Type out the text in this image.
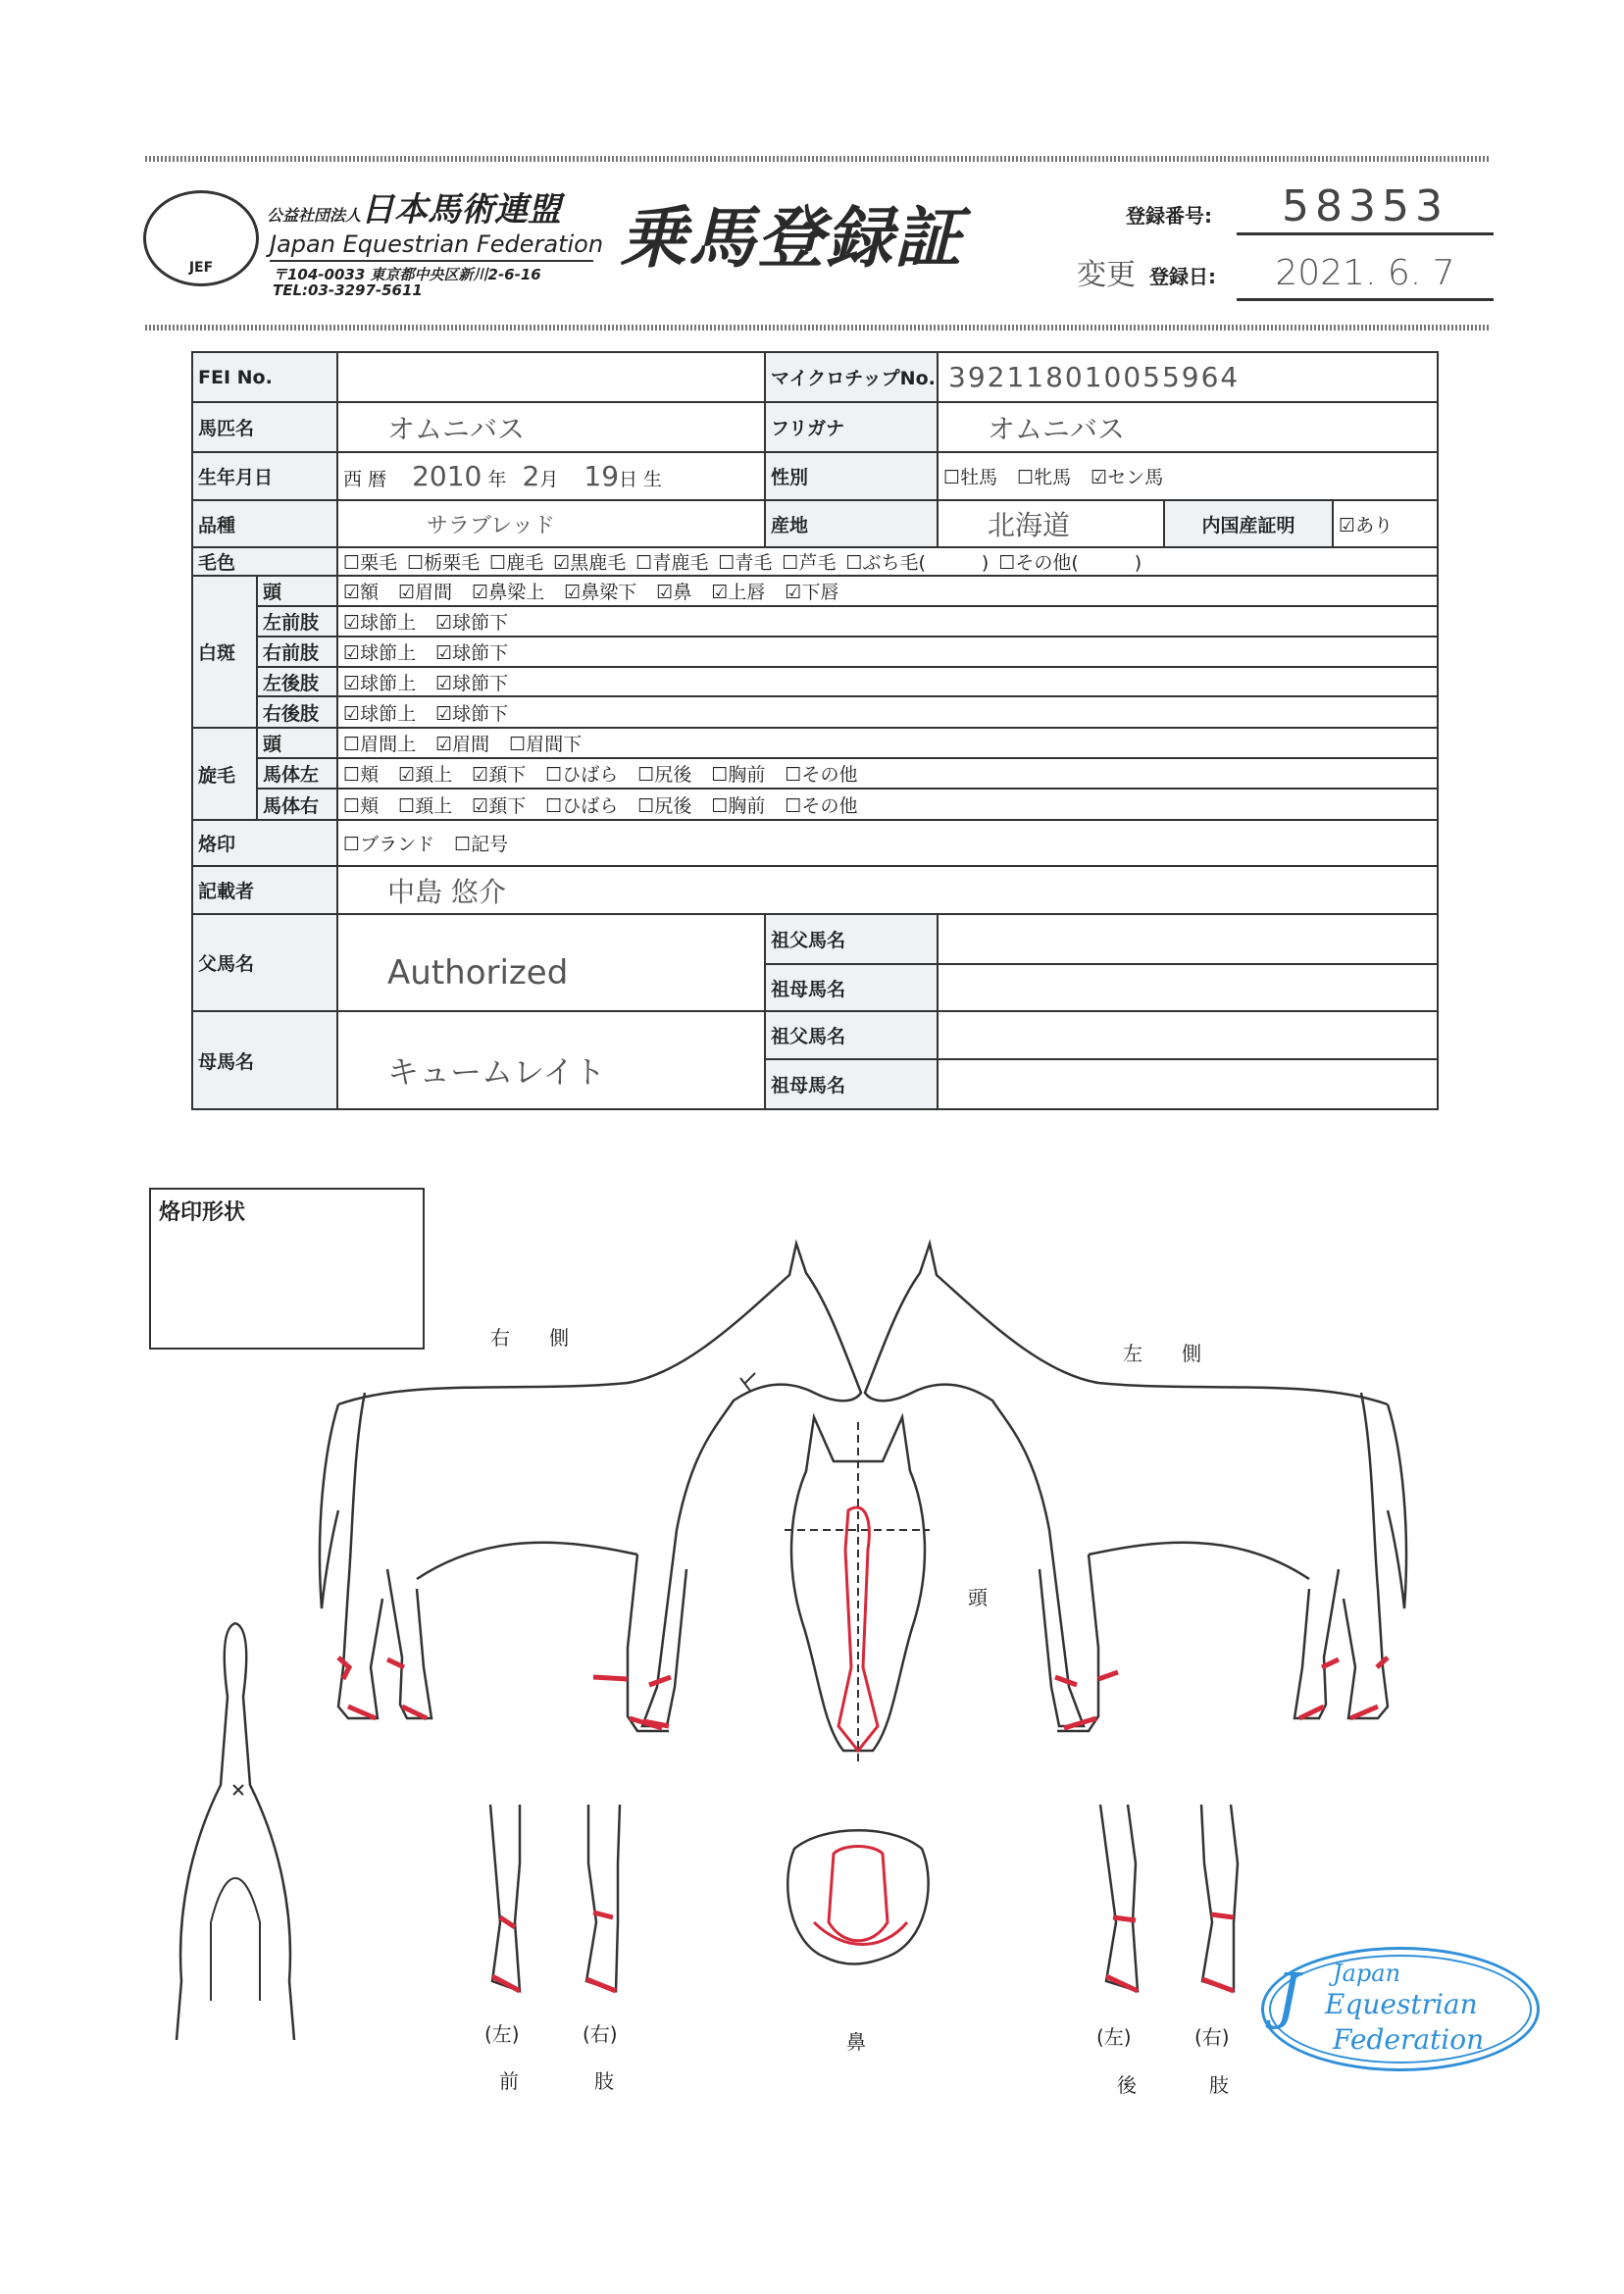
JEF
公益社団法人日本馬術連盟
Japan Equestrian Federation
〒104-0033 東京都中央区新川2-6-16
TEL:03-3297-5611
乗馬登録証	登録番号:	58353
変更 登録日:	2021. 6. 7
FEI No.			マイクロチップNo.	392118010055964		
馬匹名		オムニバス	フリガナ	オムニバス		
生年月日		西 暦 2010 年 2月 19日 生	性別	☐牡馬 ☐牝馬 ☑セン馬		
品種		サラブレッド	産地	北海道	内国産証明	☑あり
毛色		☐栗毛 ☐栃栗毛 ☐鹿毛 ☑黒鹿毛 ☐青鹿毛 ☐青毛 ☐芦毛 ☐ぶち毛(　　　) ☐その他(　　　)				
白斑	頭	☑額 ☑眉間 ☑鼻梁上 ☑鼻梁下 ☑鼻 ☑上唇 ☑下唇				
	左前肢	☑球節上 ☑球節下				
	右前肢	☑球節上 ☑球節下				
	左後肢	☑球節上 ☑球節下				
	右後肢	☑球節上 ☑球節下				
旋毛	頭	☐眉間上 ☑眉間 ☐眉間下				
	馬体左	☐頬 ☑頚上 ☑頚下 ☐ひばら ☐尻後 ☐胸前 ☐その他				
	馬体右	☐頬 ☐頚上 ☑頚下 ☐ひばら ☐尻後 ☐胸前 ☐その他				
烙印		☐ブランド ☐記号				
記載者		中島 悠介				
父馬名		Authorized	祖父馬名			
			祖母馬名			
母馬名		キュームレイト	祖父馬名			
			祖母馬名			
烙印形状
右　　側
左　　側
頭
鼻
(左)	(右)
前	肢
(左)	(右)
後	肢
J Japan
Equestrian
Federation
